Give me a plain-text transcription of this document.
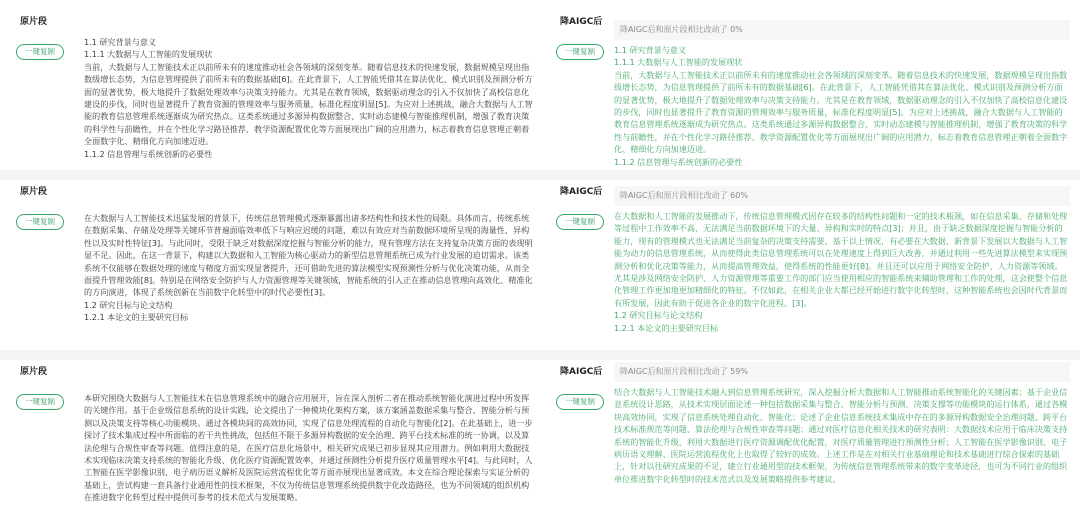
原片段
一键复制
1.1 研究背景与意义
1.1.1 大数据与人工智能的发展现状
当前，大数据与人工智能技术正以前所未有的速度推动社会各领域的深刻变革。随着信息技术的快速发展，数据规模呈现出指数级增长态势，为信息管理提供了前所未有的数据基础[6]。在此背景下，人工智能凭借其在算法优化、模式识别及预测分析方面的显著优势，极大地提升了数据处理效率与决策支持能力。尤其是在教育领域，数据驱动理念的引入不仅加快了高校信息化建设的步伐，同时也显著提升了教育资源的管理效率与服务质量，标准化程度明显[5]。为应对上述挑战，融合大数据与人工智能的教育信息管理系统逐渐成为研究热点。这类系统通过多源异构数据整合、实时动态建模与智能推理机制，增强了教育决策的科学性与前瞻性，并在个性化学习路径推荐、教学资源配置优化等方面展现出广阔的应用潜力，标志着教育信息管理正朝着全面数字化、精细化方向加速迈进。
1.1.2 信息管理与系统创新的必要性
降AIGC后
降AIGC后和原片段相比改动了 0%
一键复制	1.1 研究背景与意义
1.1.1 大数据与人工智能的发展现状
当前，大数据与人工智能技术正以前所未有的速度推动社会各领域的深刻变革。随着信息技术的快速发展，数据规模呈现出指数级增长态势，为信息管理提供了前所未有的数据基础[6]。在此背景下，人工智能凭借其在算法优化、模式识别及预测分析方面的显著优势，极大地提升了数据处理效率与决策支持能力。尤其是在教育领域，数据驱动理念的引入不仅加快了高校信息化建设的步伐，同时也显著提升了教育资源的管理效率与服务质量，标准化程度明显[5]。为应对上述挑战，融合大数据与人工智能的教育信息管理系统逐渐成为研究热点。这类系统通过多源异构数据整合、实时动态建模与智能推理机制，增强了教育决策的科学性与前瞻性，并在个性化学习路径推荐、教学资源配置优化等方面展现出广阔的应用潜力，标志着教育信息管理正朝着全面数字化、精细化方向加速迈进。
1.1.2 信息管理与系统创新的必要性
原片段
一键复制	在大数据与人工智能技术迅猛发展的背景下，传统信息管理模式逐渐暴露出诸多结构性和技术性的局限。具体而言，传统系统在数据采集、存储及处理等关键环节普遍面临效率低下与响应迟缓的问题，难以有效应对当前数据环境所呈现的海量性、异构性以及实时性特征[3]。与此同时，受限于缺乏对数据深度挖掘与智能分析的能力，现有管理方法在支持复杂决策方面的表现明显不足。因此，在这一背景下，构建以大数据和人工智能为核心驱动力的新型信息管理系统已成为行业发展的迫切需求。该类系统不仅能够在数据处理的速度与精度方面实现显著提升，还可借助先进的算法模型实现预测性分析与优化决策功能，从而全面提升管理效能[8]。特别是在网络安全防护与人力资源管理等关键领域，智能系统的引入正在推动信息管理向高效化、精准化的方向演进，体现了系统创新在当前数字化转型中的时代必要性[3]。
1.2 研究目标与论文结构
1.2.1 本论文的主要研究目标
降AIGC后	降AIGC后和原片段相比改动了 60%
一键复制
在大数据和人工智能的发展推动下，传统信息管理模式因存在较多的结构性问题和一定的技术瓶颈，如在信息采集、存储和处理等过程中工作效率不高，无法满足当前数据环境下的大量、异构和实时的特点[3]；并且，由于缺乏数据深度挖掘与智能分析的能力，现有的管理模式也无法满足当前复杂的决策支持需要。基于以上情况，有必要在大数据、新背景下发展以大数据与人工智能为动力的信息管理系统，从而使得此类信息管理系统可以在处理速度上得到巨大改善，并通过利用一些先进算法模型来实现预测分析和优化决策等能力，从而提高管理效益，使得系统的性能更好[8]。并且还可以应用于网络安全防护、人力资源等领域。尤其是涉及网络安全防护、人力资源管理等重要工作的部门应当使用相应的智能系统来辅助管理和工作的处理，这会使整个信息化管理工作更加地更加精细化的特征。不仅如此，在相关企业大都已经开始进行数字化转型时，这种智能系统也会因时代背景而有所发展，因此有助于促进各企业的数字化进程。[3]。
1.2 研究目标与论文结构
1.2.1 本论文的主要研究目标
原片段
一键复制	本研究围绕大数据与人工智能技术在信息管理系统中的融合应用展开，旨在深入剖析二者在推动系统智能化演进过程中所发挥的关键作用。基于企业级信息系统的设计实践，论文提出了一种模块化架构方案，该方案涵盖数据采集与整合、智能分析与预测以及决策支持等核心功能模块。通过各模块间的高效协同，实现了信息处理流程的自动化与智能化[2]。在此基础上，进一步探讨了技术集成过程中所面临的若干共性挑战，包括但不限于多源异构数据的安全治理、跨平台技术标准的统一协调，以及算法伦理与合规性审查等问题。值得注意的是，在医疗信息化场景中，相关研究成果已初步显现其应用潜力。例如利用大数据技术实现临床决策支持系统的智能化升级、优化医疗资源配置效率，并通过预测性分析提升医疗质量管理水平[4]。与此同时，人工智能在医学影像识别、电子病历语义解析及医院运营流程优化等方面亦展现出显著成效。本文在综合理论探索与实证分析的基础上，尝试构建一套具备行业通用性的技术框架，不仅为传统信息管理系统提供数字化改造路径，也为不同领域的组织机构在推进数字化转型过程中提供可参考的技术范式与发展策略。
降AIGC后	降AIGC后和原片段相比改动了 59%
一键复制
结合大数据与人工智能技术融入到信息管理系统研究，深入挖掘分析大数据和人工智能推动系统智能化的关键因素；基于企业信息系统设计思路，从技术实现层面论述一种包括数据采集与整合、智能分析与预测、决策支撑等功能模块的运行体系，通过各模块高效协同，实现了信息系统处理自动化、智能化；论述了企业信息系统技术集成中存在的多源异构数据安全治理问题、跨平台技术标准规范等问题、算法伦理与合规性审查等问题；通过对医疗信息化相关技术的研究表明：大数据技术应用于临床决策支持系统的智能化升级，利用大数据进行医疗资源调配优化配置，对医疗质量管理进行预测性分析；人工智能在医学影像识别、电子病历语义理解、医院运营流程优化上也取得了较好的成效。上述工作是在对相关行业基础理论和技术基础进行综合探索的基础上，针对以往研究成果的不足，建立行业通用型的技术框架，为传统信息管理系统带来的数字变革途径，也可为不同行业的组织单位推进数字化转型时的技术范式以及发展策略提供参考建议。
